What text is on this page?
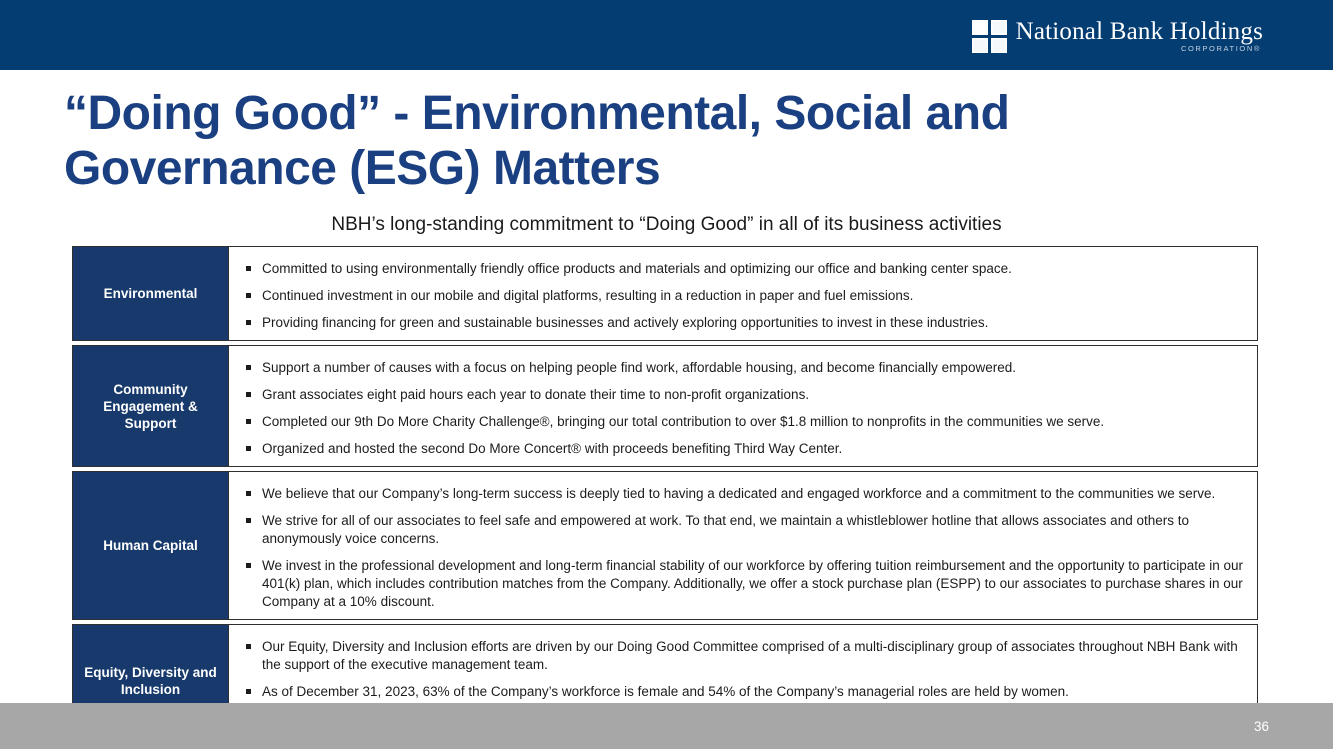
National Bank Holdings
CORPORATION®
“Doing Good” - Environmental, Social and Governance (ESG) Matters

NBH’s long-standing commitment to “Doing Good” in all of its business activities

Environmental
Committed to using environmentally friendly office products and materials and optimizing our office and banking center space.
Continued investment in our mobile and digital platforms, resulting in a reduction in paper and fuel emissions.
Providing financing for green and sustainable businesses and actively exploring opportunities to invest in these industries.
Community Engagement & Support
Support a number of causes with a focus on helping people find work, affordable housing, and become financially empowered.
Grant associates eight paid hours each year to donate their time to non-profit organizations.
Completed our 9th Do More Charity Challenge®, bringing our total contribution to over $1.8 million to nonprofits in the communities we serve.
Organized and hosted the second Do More Concert® with proceeds benefiting Third Way Center.
Human Capital
We believe that our Company’s long-term success is deeply tied to having a dedicated and engaged workforce and a commitment to the communities we serve.
We strive for all of our associates to feel safe and empowered at work. To that end, we maintain a whistleblower hotline that allows associates and others to anonymously voice concerns.
We invest in the professional development and long-term financial stability of our workforce by offering tuition reimbursement and the opportunity to participate in our 401(k) plan, which includes contribution matches from the Company. Additionally, we offer a stock purchase plan (ESPP) to our associates to purchase shares in our Company at a 10% discount.
Equity, Diversity and Inclusion
Our Equity, Diversity and Inclusion efforts are driven by our Doing Good Committee comprised of a multi-disciplinary group of associates throughout NBH Bank with the support of the executive management team.
As of December 31, 2023, 63% of the Company’s workforce is female and 54% of the Company’s managerial roles are held by women.
36
